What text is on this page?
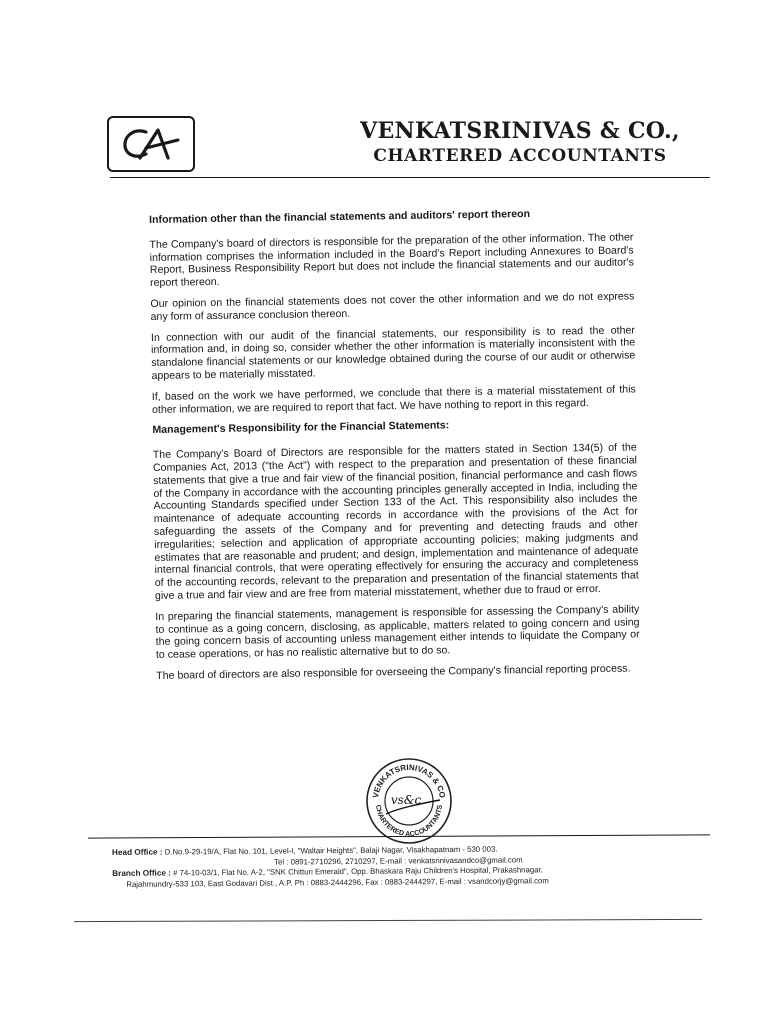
VENKATSRINIVAS & CO.,
CHARTERED ACCOUNTANTS
Information other than the financial statements and auditors' report thereon

The Company's board of directors is responsible for the preparation of the other information. The other information comprises the information included in the Board's Report including Annexures to Board's Report, Business Responsibility Report but does not include the financial statements and our auditor's report thereon.

Our opinion on the financial statements does not cover the other information and we do not express any form of assurance conclusion thereon.

In connection with our audit of the financial statements, our responsibility is to read the other information and, in doing so, consider whether the other information is materially inconsistent with the standalone financial statements or our knowledge obtained during the course of our audit or otherwise appears to be materially misstated.

If, based on the work we have performed, we conclude that there is a material misstatement of this other information, we are required to report that fact. We have nothing to report in this regard.

Management's Responsibility for the Financial Statements:

The Company's Board of Directors are responsible for the matters stated in Section 134(5) of the Companies Act, 2013 ("the Act") with respect to the preparation and presentation of these financial statements that give a true and fair view of the financial position, financial performance and cash flows of the Company in accordance with the accounting principles generally accepted in India, including the Accounting Standards specified under Section 133 of the Act. This responsibility also includes the maintenance of adequate accounting records in accordance with the provisions of the Act for safeguarding the assets of the Company and for preventing and detecting frauds and other irregularities; selection and application of appropriate accounting policies; making judgments and estimates that are reasonable and prudent; and design, implementation and maintenance of adequate internal financial controls, that were operating effectively for ensuring the accuracy and completeness of the accounting records, relevant to the preparation and presentation of the financial statements that give a true and fair view and are free from material misstatement, whether due to fraud or error.

In preparing the financial statements, management is responsible for assessing the Company's ability to continue as a going concern, disclosing, as applicable, matters related to going concern and using the going concern basis of accounting unless management either intends to liquidate the Company or to cease operations, or has no realistic alternative but to do so.

The board of directors are also responsible for overseeing the Company's financial reporting process.

VENKATSRINIVAS & CO
CHARTERED ACCOUNTANTS
vs&c
Head Office : D.No.9-29-19/A, Flat No. 101, Level-I, "Waltair Heights", Balaji Nagar, Visakhapatnam - 530 003.
Tel : 0891-2710296, 2710297, E-mail : venkatsrinivasandco@gmail.com
Branch Office : # 74-10-03/1, Flat No. A-2, "SNK Chitturi Emerald", Opp. Bhaskara Raju Children's Hospital, Prakashnagar,
Rajahmundry-533 103, East Godavari Dist., A.P. Ph : 0883-2444296, Fax : 0883-2444297, E-mail : vsandcorjy@gmail.com
